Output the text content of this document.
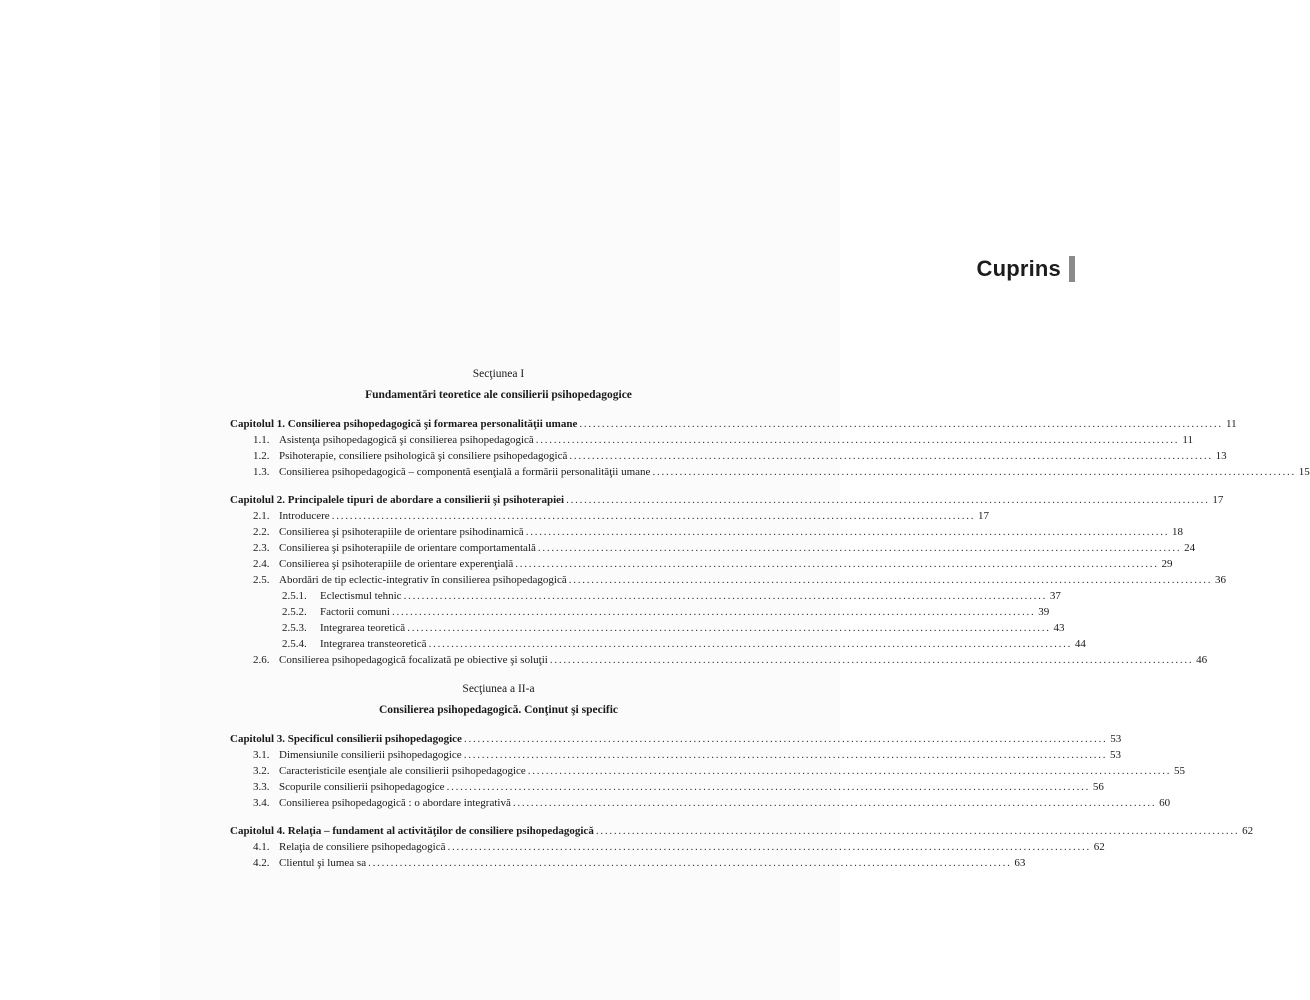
Cuprins
Secţiunea I
Fundamentări teoretice ale consilierii psihopedagogice
Capitolul 1. Consilierea psihopedagogică şi formarea personalităţii umane . . .	11
1.1. Asistenţa psihopedagogică şi consilierea psihopedagogică . . .	11
1.2. Psihoterapie, consiliere psihologică şi consiliere psihopedagogică . . .	13
1.3. Consilierea psihopedagogică – componentă esenţială a formării personalităţii umane . . .	15
Capitolul 2. Principalele tipuri de abordare a consilierii şi psihoterapiei . . .	17
2.1. Introducere . . .	17
2.2. Consilierea şi psihoterapiile de orientare psihodinamică . . .	18
2.3. Consilierea şi psihoterapiile de orientare comportamentală . . .	24
2.4. Consilierea şi psihoterapiile de orientare experenţială . . .	29
2.5. Abordări de tip eclectic-integrativ în consilierea psihopedagogică . . .	36
2.5.1. Eclectismul tehnic . . .	37
2.5.2. Factorii comuni . . .	39
2.5.3. Integrarea teoretică . . .	43
2.5.4. Integrarea transteoretică . . .	44
2.6. Consilierea psihopedagogică focalizată pe obiective şi soluţii . . .	46
Secţiunea a II-a
Consilierea psihopedagogică. Conţinut şi specific
Capitolul 3. Specificul consilierii psihopedagogice . . .	53
3.1. Dimensiunile consilierii psihopedagogice . . .	53
3.2. Caracteristicile esenţiale ale consilierii psihopedagogice . . .	55
3.3. Scopurile consilierii psihopedagogice . . .	56
3.4. Consilierea psihopedagogică : o abordare integrativă . . .	60
Capitolul 4. Relaţia – fundament al activităţilor de consiliere psihopedagogică . . .	62
4.1. Relaţia de consiliere psihopedagogică . . .	62
4.2. Clientul şi lumea sa . . .	63
